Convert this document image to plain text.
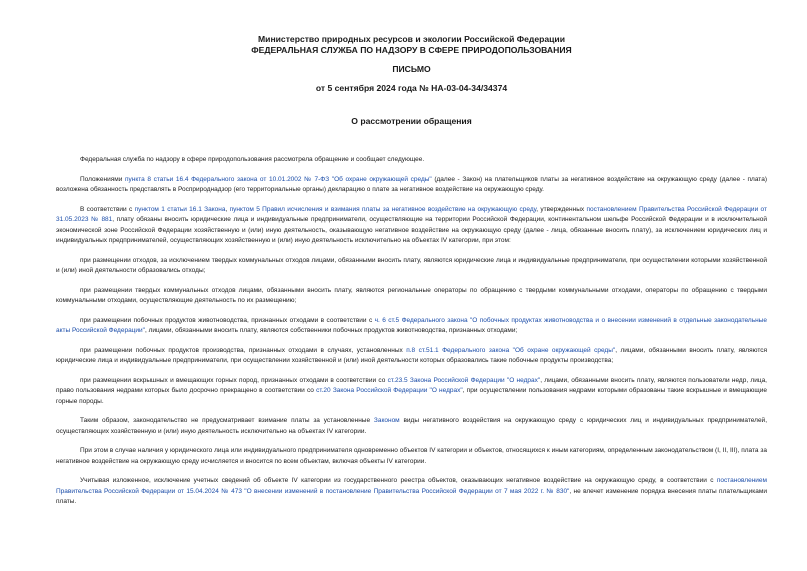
Министерство природных ресурсов и экологии Российской Федерации
ФЕДЕРАЛЬНАЯ СЛУЖБА ПО НАДЗОРУ В СФЕРЕ ПРИРОДОПОЛЬЗОВАНИЯ
ПИСЬМО
от 5 сентября 2024 года № НА-03-04-34/34374
О рассмотрении обращения

Федеральная служба по надзору в сфере природопользования рассмотрела обращение и сообщает следующее.

Положениями пункта 8 статьи 16.4 Федерального закона от 10.01.2002 № 7-ФЗ "Об охране окружающей среды" (далее - Закон) на плательщиков платы за негативное воздействие на окружающую среду (далее - плата) возложена обязанность представлять в Росприроднадзор (его территориальные органы) декларацию о плате за негативное воздействие на окружающую среду.

В соответствии с пунктом 1 статьи 16.1 Закона, пунктом 5 Правил исчисления и взимания платы за негативное воздействие на окружающую среду, утвержденных постановлением Правительства Российской Федерации от 31.05.2023 № 881, плату обязаны вносить юридические лица и индивидуальные предприниматели, осуществляющие на территории Российской Федерации, континентальном шельфе Российской Федерации и в исключительной экономической зоне Российской Федерации хозяйственную и (или) иную деятельность, оказывающую негативное воздействие на окружающую среду (далее - лица, обязанные вносить плату), за исключением юридических лиц и индивидуальных предпринимателей, осуществляющих хозяйственную и (или) иную деятельность исключительно на объектах IV категории, при этом:

при размещении отходов, за исключением твердых коммунальных отходов лицами, обязанными вносить плату, являются юридические лица и индивидуальные предприниматели, при осуществлении которыми хозяйственной и (или) иной деятельности образовались отходы;

при размещении твердых коммунальных отходов лицами, обязанными вносить плату, являются региональные операторы по обращению с твердыми коммунальными отходами, операторы по обращению с твердыми коммунальными отходами, осуществляющие деятельность по их размещению;

при размещении побочных продуктов животноводства, признанных отходами в соответствии с ч. 6 ст.5 Федерального закона "О побочных продуктах животноводства и о внесении изменений в отдельные законодательные акты Российской Федерации", лицами, обязанными вносить плату, являются собственники побочных продуктов животноводства, признанных отходами;

при размещении побочных продуктов производства, признанных отходами в случаях, установленных п.8 ст.51.1 Федерального закона "Об охране окружающей среды", лицами, обязанными вносить плату, являются юридические лица и индивидуальные предприниматели, при осуществлении хозяйственной и (или) иной деятельности которых образовались такие побочные продукты производства;

при размещении вскрышных и вмещающих горных пород, признанных отходами в соответствии со ст.23.5 Закона Российской Федерации "О недрах", лицами, обязанными вносить плату, являются пользователи недр, лица, право пользования недрами которых было досрочно прекращено в соответствии со ст.20 Закона Российской Федерации "О недрах", при осуществлении пользования недрами которыми образованы такие вскрышные и вмещающие горные породы.

Таким образом, законодательство не предусматривает взимание платы за установленные Законом виды негативного воздействия на окружающую среду с юридических лиц и индивидуальных предпринимателей, осуществляющих хозяйственную и (или) иную деятельность исключительно на объектах IV категории.

При этом в случае наличия у юридического лица или индивидуального предпринимателя одновременно объектов IV категории и объектов, относящихся к иным категориям, определенным законодательством (I, II, III), плата за негативное воздействие на окружающую среду исчисляется и вносится по всем объектам, включая объекты IV категории.

Учитывая изложенное, исключение учетных сведений об объекте IV категории из государственного реестра объектов, оказывающих негативное воздействие на окружающую среду, в соответствии с постановлением Правительства Российской Федерации от 15.04.2024 № 473 "О внесении изменений в постановление Правительства Российской Федерации от 7 мая 2022 г. № 830", не влечет изменение порядка внесения платы плательщиками платы.
